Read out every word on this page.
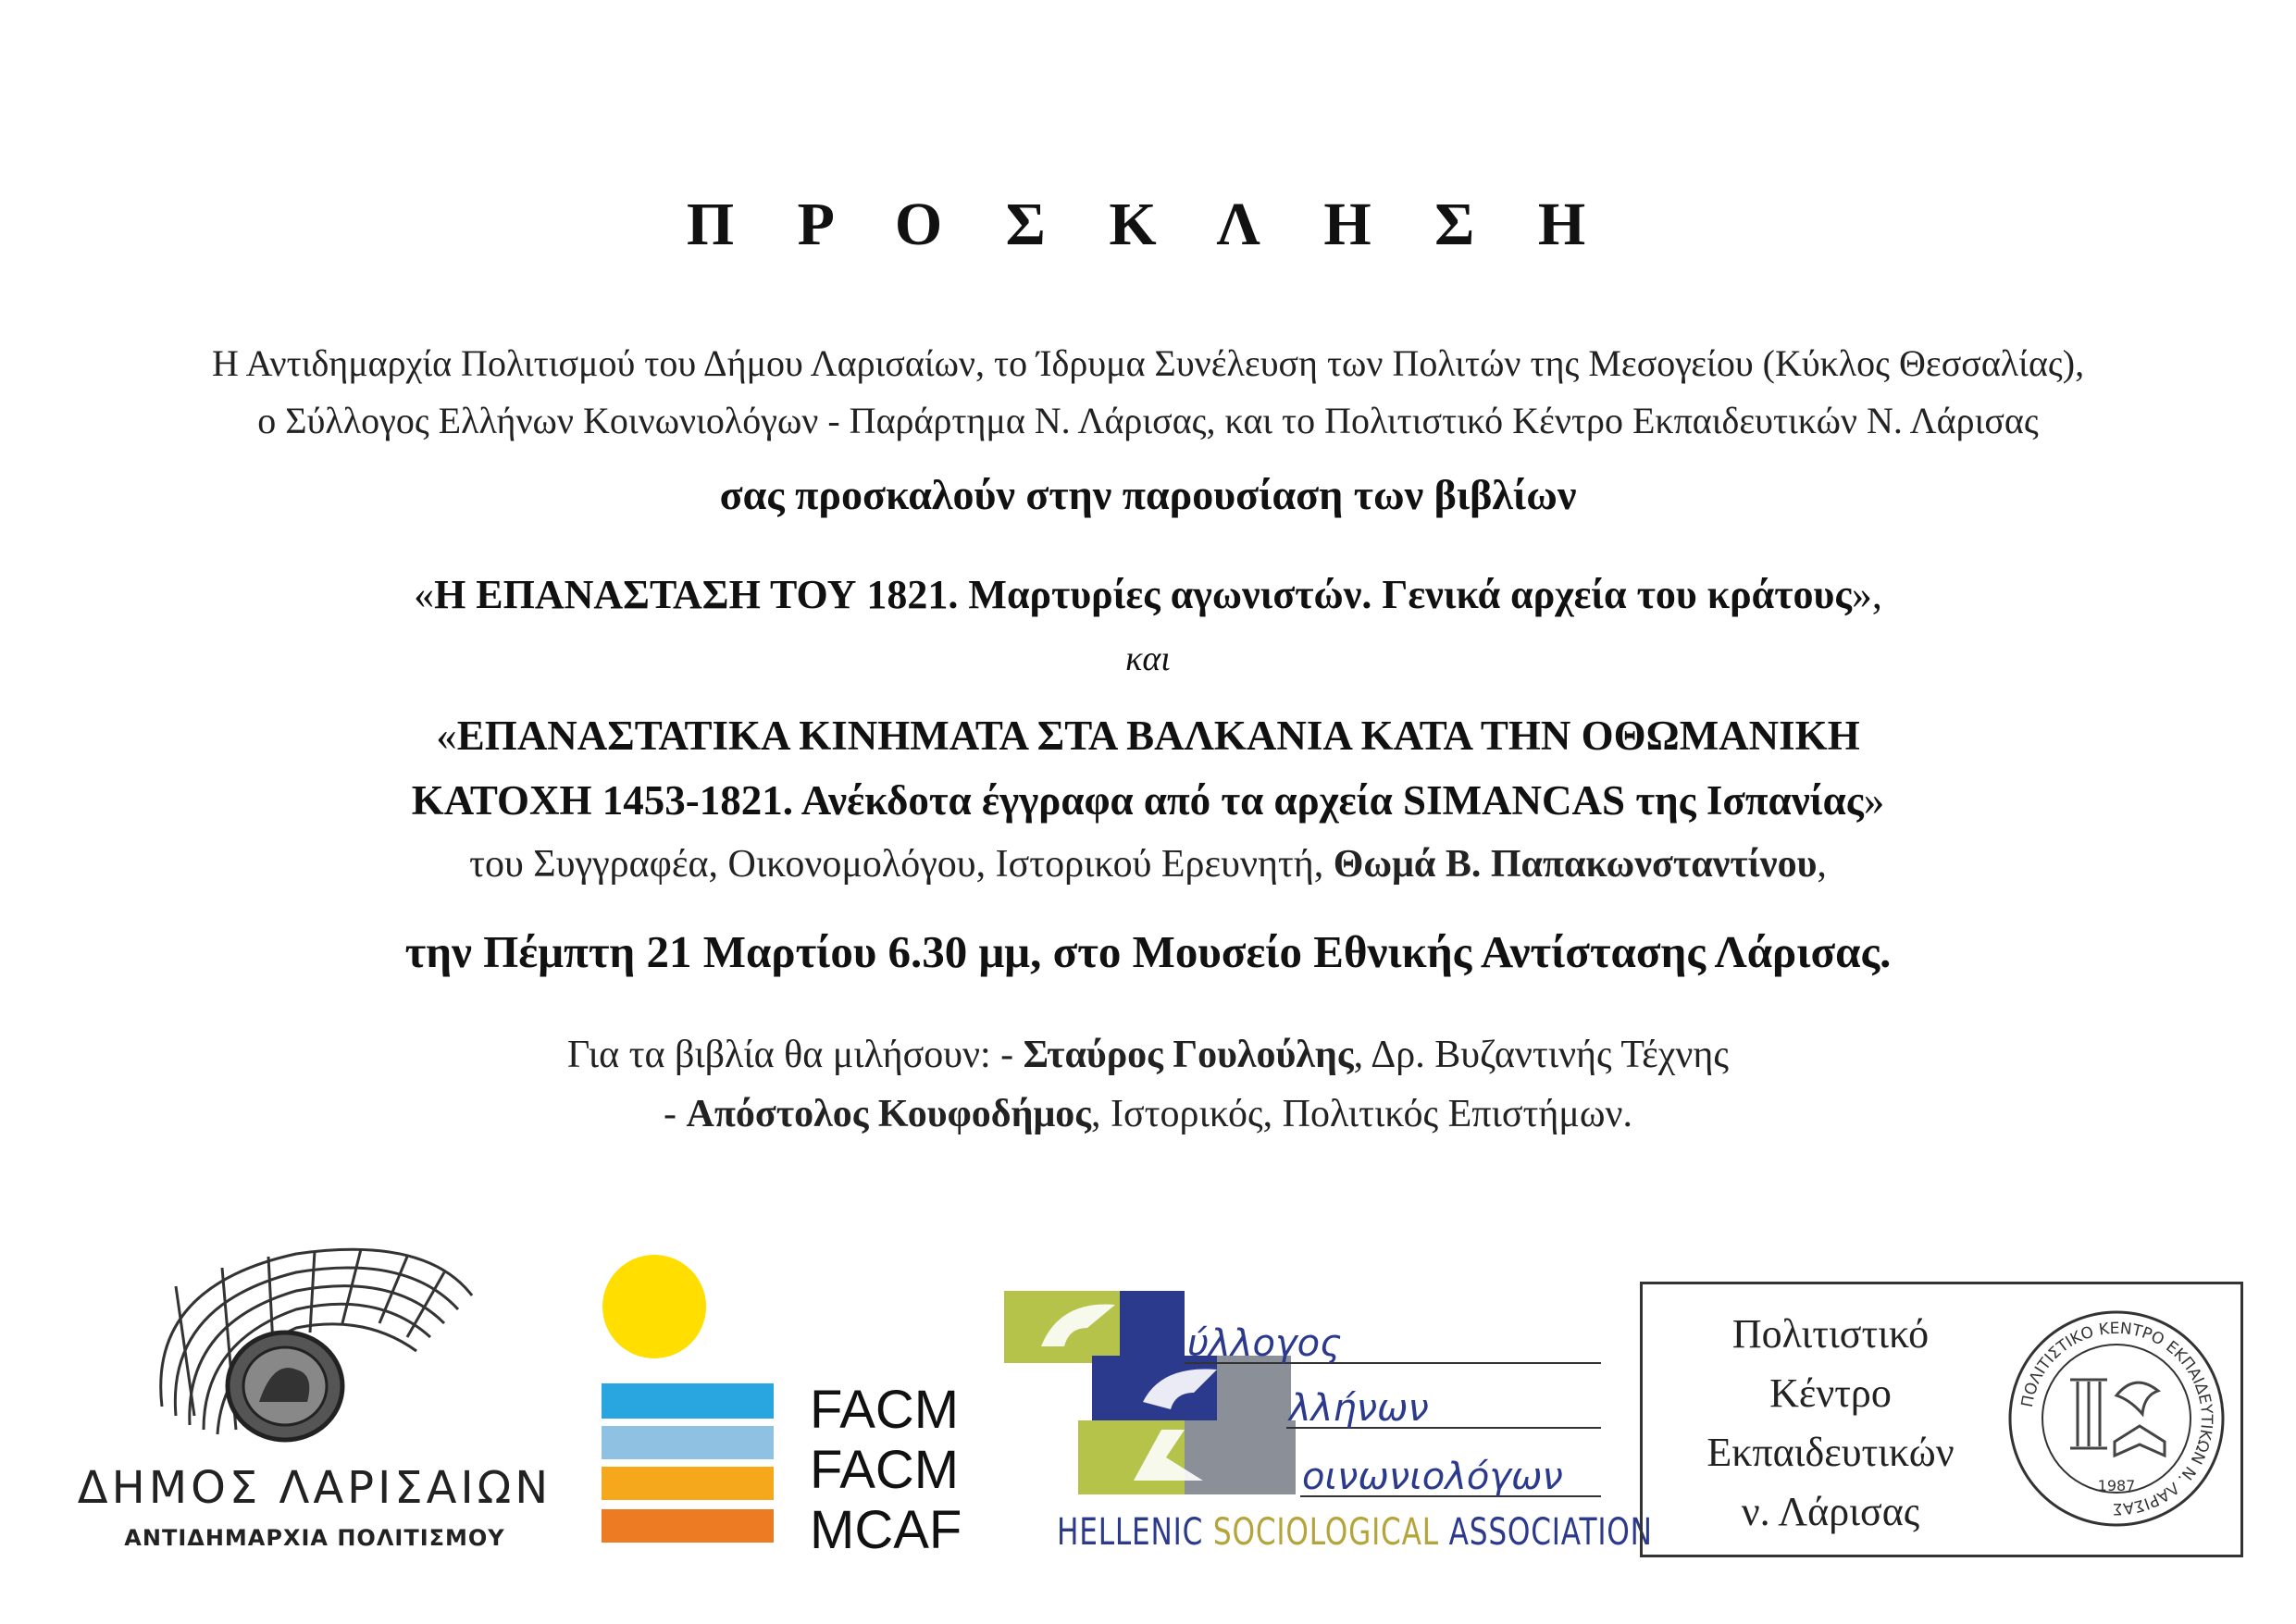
Π Ρ Ο Σ Κ Λ Η Σ Η
Η Αντιδημαρχία Πολιτισμού του Δήμου Λαρισαίων, το Ίδρυμα Συνέλευση των Πολιτών της Μεσογείου (Κύκλος Θεσσαλίας),
ο Σύλλογος Ελλήνων Κοινωνιολόγων - Παράρτημα Ν. Λάρισας, και το Πολιτιστικό Κέντρο Εκπαιδευτικών Ν. Λάρισας
σας προσκαλούν στην παρουσίαση των βιβλίων
«Η ΕΠΑΝΑΣΤΑΣΗ ΤΟΥ 1821. Μαρτυρίες αγωνιστών. Γενικά αρχεία του κράτους»,
και
«ΕΠΑΝΑΣΤΑΤΙΚΑ ΚΙΝΗΜΑΤΑ ΣΤΑ ΒΑΛΚΑΝΙΑ ΚΑΤΑ ΤΗΝ ΟΘΩΜΑΝΙΚΗ
ΚΑΤΟΧΗ 1453-1821. Ανέκδοτα έγγραφα από τα αρχεία SIMANCAS της Ισπανίας»
του Συγγραφέα, Οικονομολόγου, Ιστορικού Ερευνητή, Θωμά Β. Παπακωνσταντίνου,
την Πέμπτη 21 Μαρτίου 6.30 μμ, στο Μουσείο Εθνικής Αντίστασης Λάρισας.
Για τα βιβλία θα μιλήσουν: - Σταύρος Γουλούλης, Δρ. Βυζαντινής Τέχνης
- Απόστολος Κουφοδήμος, Ιστορικός, Πολιτικός Επιστήμων.
ΔΗΜΟΣ ΛΑΡΙΣΑΙΩΝ
ΑΝΤΙΔΗΜΑΡΧΙΑ ΠΟΛΙΤΙΣΜΟΥ
FACM
FACM
MCAF
ύλλογος
λλήνων
οινωνιολόγων
HELLENIC SOCIOLOGICAL ASSOCIATION
Πολιτιστικό
Κέντρο
Εκπαιδευτικών
ν. Λάρισας
ΠΟΛΙΤΙΣΤΙΚΟ ΚΕΝΤΡΟ ΕΚΠΑΙΔΕΥΤΙΚΩΝ Ν. ΛΑΡΙΣΑΣ
1987
